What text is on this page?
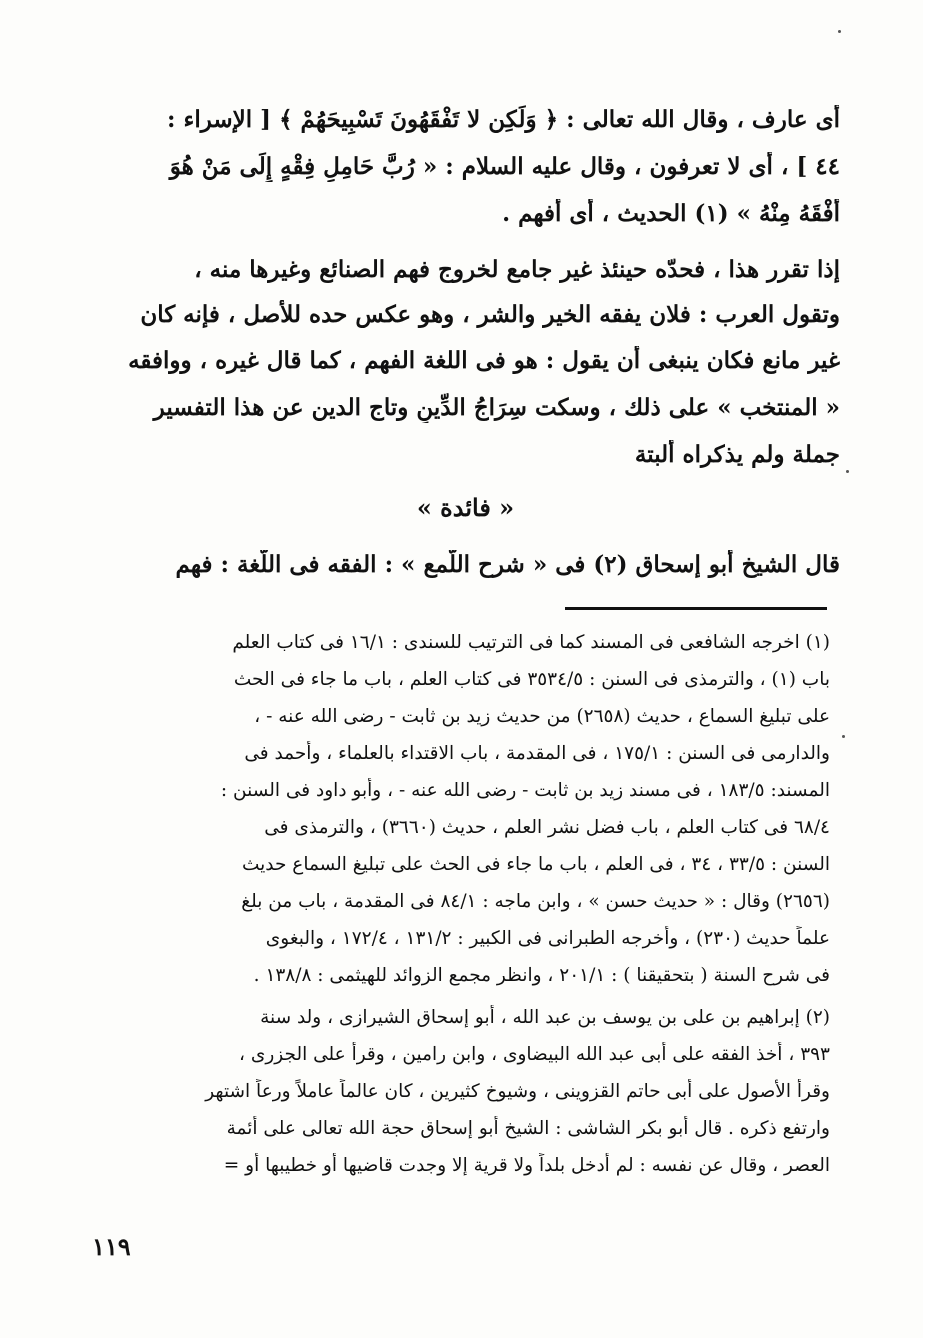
أى عارف ، وقال الله تعالى : ﴿ وَلَكِن لا تَفْقَهُونَ تَسْبِيحَهُمْ ﴾ [ الإسراء :
٤٤ ] ، أى لا تعرفون ، وقال عليه السلام : « رُبَّ حَامِلِ فِقْهٍ إِلَى مَنْ هُوَ
أَفْقَهُ مِنْهُ » (١) الحديث ، أى أفهم .
إذا تقرر هذا ، فحدّه حينئذ غير جامع لخروج فهم الصنائع وغيرها منه ،
وتقول العرب : فلان يفقه الخير والشر ، وهو عكس حده للأصل ، فإنه كان
غير مانع فكان ينبغى أن يقول : هو فى اللغة الفهم ، كما قال غيره ، ووافقه
« المنتخب » على ذلك ، وسكت سِرَاجُ الدِّينِ وتاج الدين عن هذا التفسير
جملة ولم يذكراه ألبتة
« فائدة »
قال الشيخ أبو إسحاق (٢) فى « شرح اللّمع » : الفقه فى اللُّغة : فهم
(١) اخرجه الشافعى فى المسند كما فى الترتيب للسندى : ١٦/١ فى كتاب العلم
باب (١) ، والترمذى فى السنن : ٣٥٣٤/٥ فى كتاب العلم ، باب ما جاء فى الحث
على تبليغ السماع ، حديث (٢٦٥٨) من حديث زيد بن ثابت - رضى الله عنه - ،
والدارمى فى السنن : ١٧٥/١ ، فى المقدمة ، باب الاقتداء بالعلماء ، وأحمد فى
المسند: ١٨٣/٥ ، فى مسند زيد بن ثابت - رضى الله عنه - ، وأبو داود فى السنن :
٦٨/٤ فى كتاب العلم ، باب فضل نشر العلم ، حديث (٣٦٦٠) ، والترمذى فى
السنن : ٣٣/٥ ، ٣٤ ، فى العلم ، باب ما جاء فى الحث على تبليغ السماع حديث
(٢٦٥٦) وقال : « حديث حسن » ، وابن ماجه : ٨٤/١ فى المقدمة ، باب من بلغ
علماً حديث (٢٣٠) ، وأخرجه الطبرانى فى الكبير : ١٣١/٢ ، ١٧٢/٤ ، والبغوى
فى شرح السنة ( بتحقيقنا ) : ٢٠١/١ ، وانظر مجمع الزوائد للهيثمى : ١٣٨/٨ .
(٢) إبراهيم بن على بن يوسف بن عبد الله ، أبو إسحاق الشيرازى ، ولد سنة
٣٩٣ ، أخذ الفقه على أبى عبد الله البيضاوى ، وابن رامين ، وقرأ على الجزرى ،
وقرأ الأصول على أبى حاتم القزوينى ، وشيوخ كثيرين ، كان عالماً عاملاً ورعاً اشتهر
وارتفع ذكره . قال أبو بكر الشاشى : الشيخ أبو إسحاق حجة الله تعالى على أئمة
العصر ، وقال عن نفسه : لم أدخل بلداً ولا قرية إلا وجدت قاضيها أو خطيبها أو =
١١٩
